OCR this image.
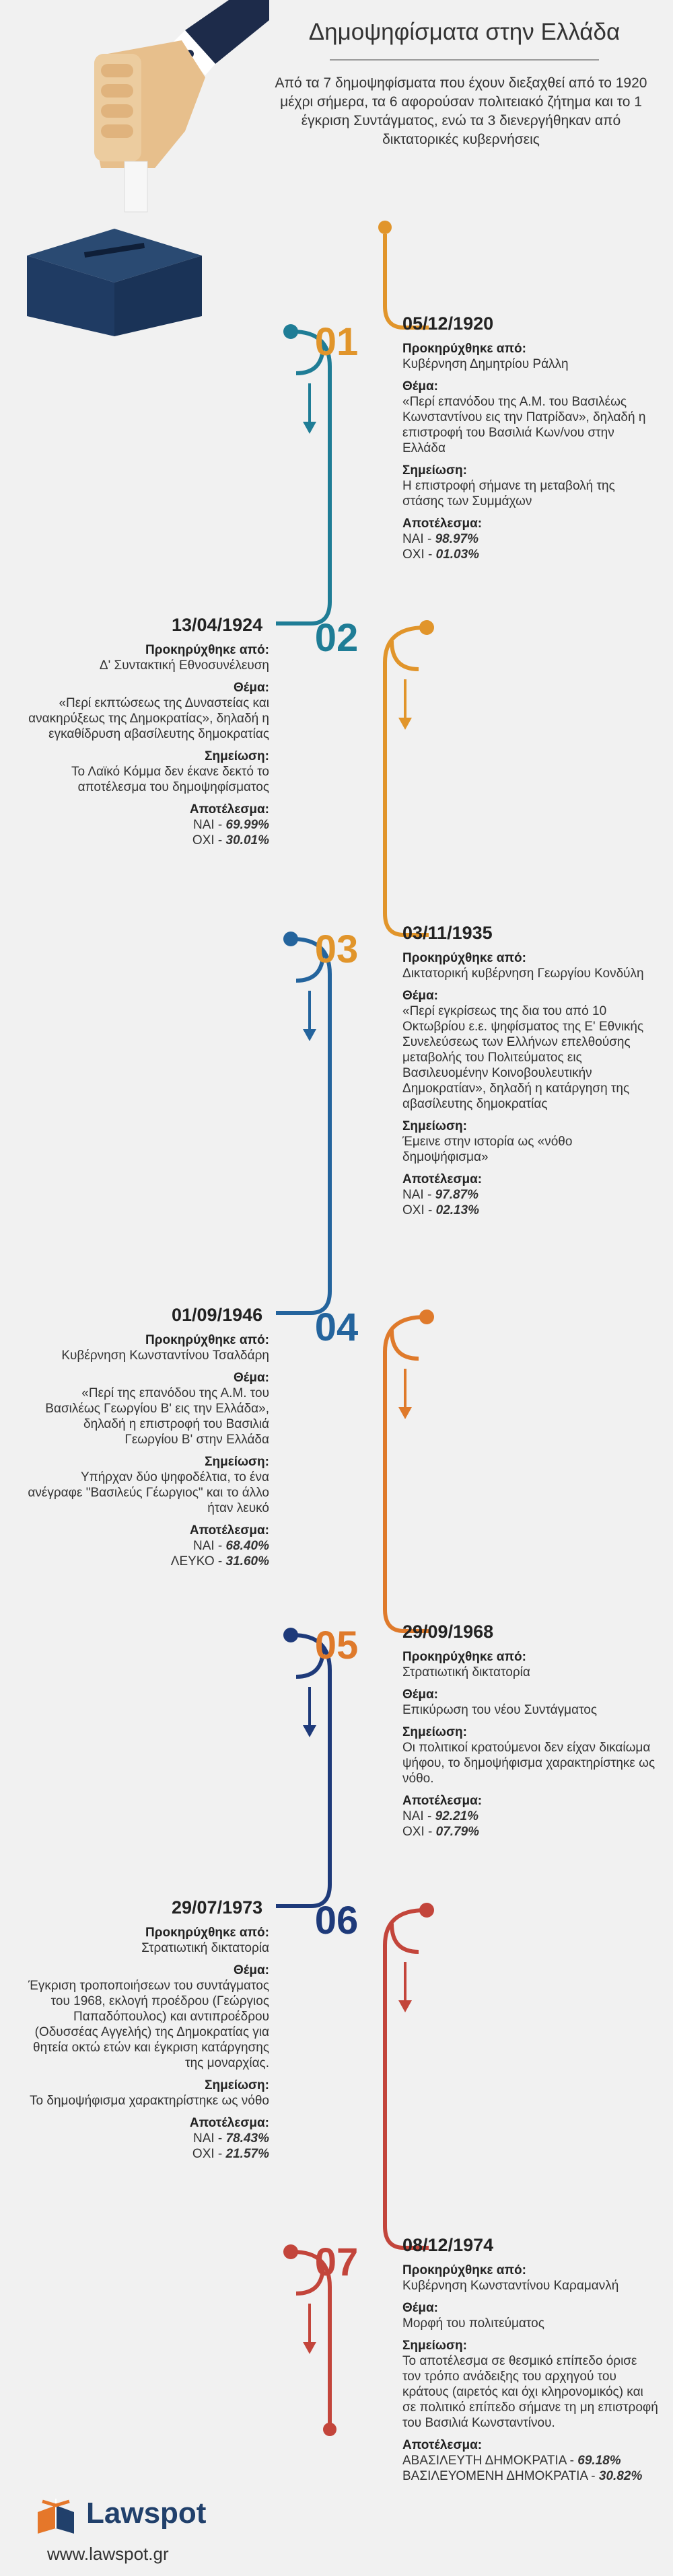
Δημοψηφίσματα στην Ελλάδα
Από τα 7 δημοψηφίσματα που έχουν διεξαχθεί από το 1920 μέχρι σήμερα, τα 6 αφορούσαν πολιτειακό ζήτημα και το 1 έγκριση Συντάγματος, ενώ τα 3 διενεργήθηκαν από δικτατορικές κυβερνήσεις
01 05/12/1920
Προκηρύχθηκε από:
Κυβέρνηση Δημητρίου Ράλλη
Θέμα:
«Περί επανόδου της Α.Μ. του Βασιλέως Κωνσταντίνου εις την Πατρίδαν», δηλαδή η επιστροφή του Βασιλιά Κων/νου στην Ελλάδα
Σημείωση:
Η επιστροφή σήμανε τη μεταβολή της στάσης των Συμμάχων
Αποτέλεσμα:
ΝΑΙ - 98.97%
ΟΧΙ - 01.03%
02
13/04/1924
Προκηρύχθηκε από:
Δ' Συντακτική Εθνοσυνέλευση
Θέμα:
«Περί εκπτώσεως της Δυναστείας και ανακηρύξεως της Δημοκρατίας», δηλαδή η εγκαθίδρυση αβασίλευτης δημοκρατίας
Σημείωση:
Το Λαϊκό Κόμμα δεν έκανε δεκτό το αποτέλεσμα του δημοψηφίσματος
Αποτέλεσμα:
ΝΑΙ - 69.99%
ΟΧΙ - 30.01%
03 03/11/1935
Προκηρύχθηκε από:
Δικτατορική κυβέρνηση Γεωργίου Κονδύλη
Θέμα:
«Περί εγκρίσεως της δια του από 10 Οκτωβρίου ε.ε. ψηφίσματος της Ε' Εθνικής Συνελεύσεως των Ελλήνων επελθούσης μεταβολής του Πολιτεύματος εις Βασιλευομένην Κοινοβουλευτικήν Δημοκρατίαν», δηλαδή η κατάργηση της αβασίλευτης δημοκρατίας
Σημείωση:
Έμεινε στην ιστορία ως «νόθο δημοψήφισμα»
Αποτέλεσμα:
ΝΑΙ - 97.87%
ΟΧΙ - 02.13%
04
01/09/1946
Προκηρύχθηκε από:
Κυβέρνηση Κωνσταντίνου Τσαλδάρη
Θέμα:
«Περί της επανόδου της Α.Μ. του Βασιλέως Γεωργίου Β' εις την Ελλάδα», δηλαδή η επιστροφή του Βασιλιά Γεωργίου Β' στην Ελλάδα
Σημείωση:
Υπήρχαν δύο ψηφοδέλτια, το ένα ανέγραφε "Βασιλεύς Γέωργιος" και το άλλο ήταν λευκό
Αποτέλεσμα:
ΝΑΙ - 68.40%
ΛΕΥΚΟ - 31.60%
05 29/09/1968
Προκηρύχθηκε από:
Στρατιωτική δικτατορία
Θέμα:
Επικύρωση του νέου Συντάγματος
Σημείωση:
Οι πολιτικοί κρατούμενοι δεν είχαν δικαίωμα ψήφου, το δημοψήφισμα χαρακτηρίστηκε ως νόθο.
Αποτέλεσμα:
ΝΑΙ - 92.21%
ΟΧΙ - 07.79%
06
29/07/1973
Προκηρύχθηκε από:
Στρατιωτική δικτατορία
Θέμα:
Έγκριση τροποποιήσεων του συντάγματος του 1968, εκλογή προέδρου (Γεώργιος Παπαδόπουλος) και αντιπροέδρου (Οδυσσέας Αγγελής) της Δημοκρατίας για θητεία οκτώ ετών και έγκριση κατάργησης της μοναρχίας.
Σημείωση:
Το δημοψήφισμα χαρακτηρίστηκε ως νόθο
Αποτέλεσμα:
ΝΑΙ - 78.43%
ΟΧΙ - 21.57%
07 08/12/1974
Προκηρύχθηκε από:
Κυβέρνηση Κωνσταντίνου Καραμανλή
Θέμα:
Μορφή του πολιτεύματος
Σημείωση:
Το αποτέλεσμα σε θεσμικό επίπεδο όρισε τον τρόπο ανάδειξης του αρχηγού του κράτους (αιρετός και όχι κληρονομικός) και σε πολιτικό επίπεδο σήμανε τη μη επιστροφή του Βασιλιά Κωνσταντίνου.
Αποτέλεσμα:
ΑΒΑΣΙΛΕΥΤΗ ΔΗΜΟΚΡΑΤΙΑ - 69.18%
ΒΑΣΙΛΕΥΟΜΕΝΗ ΔΗΜΟΚΡΑΤΙΑ - 30.82%
Lawspot
www.lawspot.gr
